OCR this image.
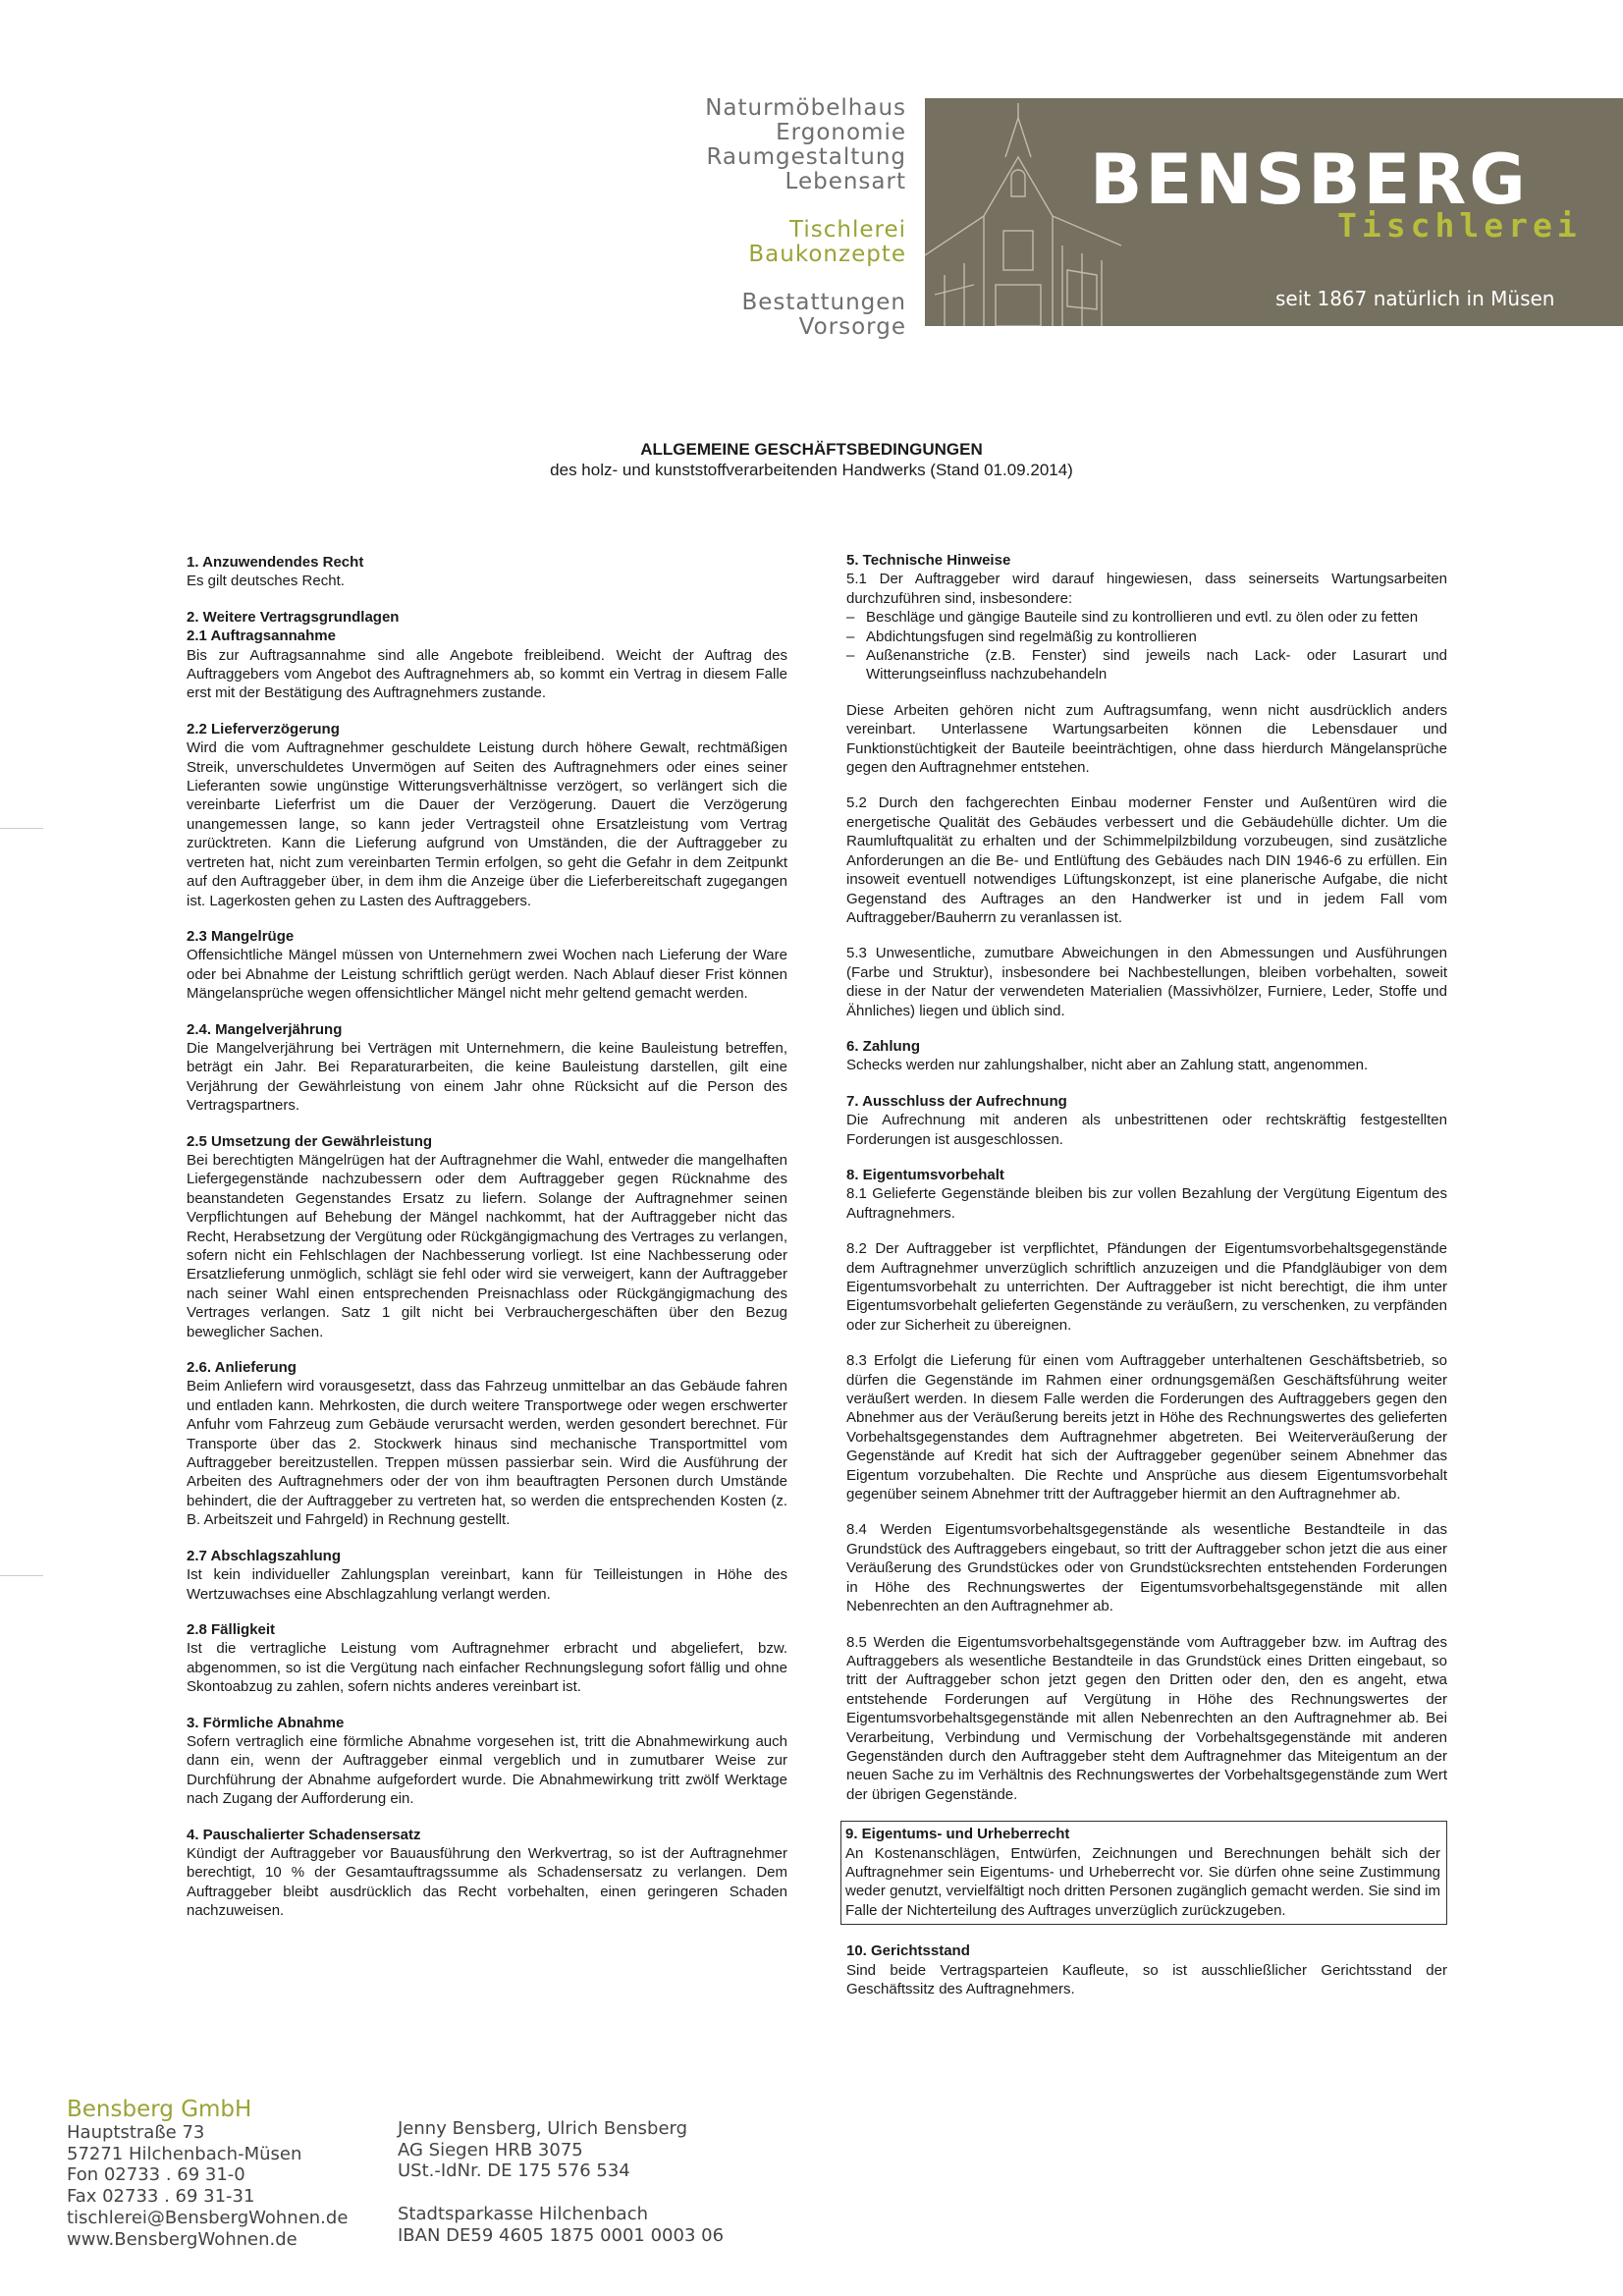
Naturmöbelhaus
Ergonomie
Raumgestaltung
Lebensart
Tischlerei
Baukonzepte
Bestattungen
Vorsorge
BENSBERG
Tischlerei
seit 1867 natürlich in Müsen
ALLGEMEINE GESCHÄFTSBEDINGUNGEN
des holz- und kunststoffverarbeitenden Handwerks (Stand 01.09.2014)
1. Anzuwendendes Recht

Es gilt deutsches Recht.

2. Weitere Vertragsgrundlagen
2.1 Auftragsannahme

Bis zur Auftragsannahme sind alle Angebote freibleibend. Weicht der Auftrag des Auftraggebers vom Angebot des Auftragnehmers ab, so kommt ein Vertrag in diesem Falle erst mit der Bestätigung des Auftragnehmers zustande.

2.2 Lieferverzögerung

Wird die vom Auftragnehmer geschuldete Leistung durch höhere Gewalt, rechtmäßigen Streik, unverschuldetes Unvermögen auf Seiten des Auftragnehmers oder eines seiner Lieferanten sowie ungünstige Witterungsverhältnisse verzögert, so verlängert sich die vereinbarte Lieferfrist um die Dauer der Verzögerung. Dauert die Verzögerung unangemessen lange, so kann jeder Vertragsteil ohne Ersatzleistung vom Vertrag zurücktreten. Kann die Lieferung aufgrund von Umständen, die der Auftraggeber zu vertreten hat, nicht zum vereinbarten Termin erfolgen, so geht die Gefahr in dem Zeitpunkt auf den Auftraggeber über, in dem ihm die Anzeige über die Lieferbereitschaft zugegangen ist. Lagerkosten gehen zu Lasten des Auftraggebers.

2.3 Mangelrüge

Offensichtliche Mängel müssen von Unternehmern zwei Wochen nach Lieferung der Ware oder bei Abnahme der Leistung schriftlich gerügt werden. Nach Ablauf dieser Frist können Mängelansprüche wegen offensichtlicher Mängel nicht mehr geltend gemacht werden.

2.4. Mangelverjährung

Die Mangelverjährung bei Verträgen mit Unternehmern, die keine Bauleistung betreffen, beträgt ein Jahr. Bei Reparaturarbeiten, die keine Bauleistung darstellen, gilt eine Verjährung der Gewährleistung von einem Jahr ohne Rücksicht auf die Person des Vertragspartners.

2.5 Umsetzung der Gewährleistung

Bei berechtigten Mängelrügen hat der Auftragnehmer die Wahl, entweder die mangelhaften Liefergegenstände nachzubessern oder dem Auftraggeber gegen Rücknahme des beanstandeten Gegenstandes Ersatz zu liefern. Solange der Auftragnehmer seinen Verpflichtungen auf Behebung der Mängel nachkommt, hat der Auftraggeber nicht das Recht, Herabsetzung der Vergütung oder Rückgängigmachung des Vertrages zu verlangen, sofern nicht ein Fehlschlagen der Nachbesserung vorliegt. Ist eine Nachbesserung oder Ersatzlieferung unmöglich, schlägt sie fehl oder wird sie verweigert, kann der Auftraggeber nach seiner Wahl einen entsprechenden Preisnachlass oder Rückgängigmachung des Vertrages verlangen. Satz 1 gilt nicht bei Verbrauchergeschäften über den Bezug beweglicher Sachen.

2.6. Anlieferung

Beim Anliefern wird vorausgesetzt, dass das Fahrzeug unmittelbar an das Gebäude fahren und entladen kann. Mehrkosten, die durch weitere Transportwege oder wegen erschwerter Anfuhr vom Fahrzeug zum Gebäude verursacht werden, werden gesondert berechnet. Für Transporte über das 2. Stockwerk hinaus sind mechanische Transportmittel vom Auftraggeber bereitzustellen. Treppen müssen passierbar sein. Wird die Ausführung der Arbeiten des Auftragnehmers oder der von ihm beauftragten Personen durch Umstände behindert, die der Auftraggeber zu vertreten hat, so werden die entsprechenden Kosten (z. B. Arbeitszeit und Fahrgeld) in Rechnung gestellt.

2.7 Abschlagszahlung

Ist kein individueller Zahlungsplan vereinbart, kann für Teilleistungen in Höhe des Wertzuwachses eine Abschlagzahlung verlangt werden.

2.8 Fälligkeit

Ist die vertragliche Leistung vom Auftragnehmer erbracht und abgeliefert, bzw. abgenommen, so ist die Vergütung nach einfacher Rechnungslegung sofort fällig und ohne Skontoabzug zu zahlen, sofern nichts anderes vereinbart ist.

3. Förmliche Abnahme

Sofern vertraglich eine förmliche Abnahme vorgesehen ist, tritt die Abnahmewirkung auch dann ein, wenn der Auftraggeber einmal vergeblich und in zumutbarer Weise zur Durchführung der Abnahme aufgefordert wurde. Die Abnahmewirkung tritt zwölf Werktage nach Zugang der Aufforderung ein.

4. Pauschalierter Schadensersatz

Kündigt der Auftraggeber vor Bauausführung den Werkvertrag, so ist der Auftragnehmer berechtigt, 10 % der Gesamtauftragssumme als Schadensersatz zu verlangen. Dem Auftraggeber bleibt ausdrücklich das Recht vorbehalten, einen geringeren Schaden nachzuweisen.

5. Technische Hinweise

5.1 Der Auftraggeber wird darauf hingewiesen, dass seinerseits Wartungsarbeiten durchzuführen sind, insbesondere:

– Beschläge und gängige Bauteile sind zu kontrollieren und evtl. zu ölen oder zu fetten
– Abdichtungsfugen sind regelmäßig zu kontrollieren
– Außenanstriche (z.B. Fenster) sind jeweils nach Lack- oder Lasurart und Witterungseinfluss nachzubehandeln

Diese Arbeiten gehören nicht zum Auftragsumfang, wenn nicht ausdrücklich anders vereinbart. Unterlassene Wartungsarbeiten können die Lebensdauer und Funktionstüchtigkeit der Bauteile beeinträchtigen, ohne dass hierdurch Mängelansprüche gegen den Auftragnehmer entstehen.

5.2 Durch den fachgerechten Einbau moderner Fenster und Außentüren wird die energetische Qualität des Gebäudes verbessert und die Gebäudehülle dichter. Um die Raumluftqualität zu erhalten und der Schimmelpilzbildung vorzubeugen, sind zusätzliche Anforderungen an die Be- und Entlüftung des Gebäudes nach DIN 1946-6 zu erfüllen. Ein insoweit eventuell notwendiges Lüftungskonzept, ist eine planerische Aufgabe, die nicht Gegenstand des Auftrages an den Handwerker ist und in jedem Fall vom Auftraggeber/Bauherrn zu veranlassen ist.

5.3 Unwesentliche, zumutbare Abweichungen in den Abmessungen und Ausführungen (Farbe und Struktur), insbesondere bei Nachbestellungen, bleiben vorbehalten, soweit diese in der Natur der verwendeten Materialien (Massivhölzer, Furniere, Leder, Stoffe und Ähnliches) liegen und üblich sind.

6. Zahlung

Schecks werden nur zahlungshalber, nicht aber an Zahlung statt, angenommen.

7. Ausschluss der Aufrechnung

Die Aufrechnung mit anderen als unbestrittenen oder rechtskräftig festgestellten Forderungen ist ausgeschlossen.

8. Eigentumsvorbehalt

8.1 Gelieferte Gegenstände bleiben bis zur vollen Bezahlung der Vergütung Eigentum des Auftragnehmers.

8.2 Der Auftraggeber ist verpflichtet, Pfändungen der Eigentumsvorbehaltsgegenstände dem Auftragnehmer unverzüglich schriftlich anzuzeigen und die Pfandgläubiger von dem Eigentumsvorbehalt zu unterrichten. Der Auftraggeber ist nicht berechtigt, die ihm unter Eigentumsvorbehalt gelieferten Gegenstände zu veräußern, zu verschenken, zu verpfänden oder zur Sicherheit zu übereignen.

8.3 Erfolgt die Lieferung für einen vom Auftraggeber unterhaltenen Geschäftsbetrieb, so dürfen die Gegenstände im Rahmen einer ordnungsgemäßen Geschäftsführung weiter veräußert werden. In diesem Falle werden die Forderungen des Auftraggebers gegen den Abnehmer aus der Veräußerung bereits jetzt in Höhe des Rechnungswertes des gelieferten Vorbehaltsgegenstandes dem Auftragnehmer abgetreten. Bei Weiterveräußerung der Gegenstände auf Kredit hat sich der Auftraggeber gegenüber seinem Abnehmer das Eigentum vorzubehalten. Die Rechte und Ansprüche aus diesem Eigentumsvorbehalt gegenüber seinem Abnehmer tritt der Auftraggeber hiermit an den Auftragnehmer ab.

8.4 Werden Eigentumsvorbehaltsgegenstände als wesentliche Bestandteile in das Grundstück des Auftraggebers eingebaut, so tritt der Auftraggeber schon jetzt die aus einer Veräußerung des Grundstückes oder von Grundstücksrechten entstehenden Forderungen in Höhe des Rechnungswertes der Eigentumsvorbehaltsgegenstände mit allen Nebenrechten an den Auftragnehmer ab.

8.5 Werden die Eigentumsvorbehaltsgegenstände vom Auftraggeber bzw. im Auftrag des Auftraggebers als wesentliche Bestandteile in das Grundstück eines Dritten eingebaut, so tritt der Auftraggeber schon jetzt gegen den Dritten oder den, den es angeht, etwa entstehende Forderungen auf Vergütung in Höhe des Rechnungswertes der Eigentumsvorbehaltsgegenstände mit allen Nebenrechten an den Auftragnehmer ab. Bei Verarbeitung, Verbindung und Vermischung der Vorbehaltsgegenstände mit anderen Gegenständen durch den Auftraggeber steht dem Auftragnehmer das Miteigentum an der neuen Sache zu im Verhältnis des Rechnungswertes der Vorbehaltsgegenstände zum Wert der übrigen Gegenstände.

9. Eigentums- und Urheberrecht

An Kostenanschlägen, Entwürfen, Zeichnungen und Berechnungen behält sich der Auftragnehmer sein Eigentums- und Urheberrecht vor. Sie dürfen ohne seine Zustimmung weder genutzt, vervielfältigt noch dritten Personen zugänglich gemacht werden. Sie sind im Falle der Nichterteilung des Auftrages unverzüglich zurückzugeben.

10. Gerichtsstand

Sind beide Vertragsparteien Kaufleute, so ist ausschließlicher Gerichtsstand der Geschäftssitz des Auftragnehmers.

Bensberg GmbH
Hauptstraße 73
57271 Hilchenbach-Müsen
Fon 02733 . 69 31-0
Fax 02733 . 69 31-31
tischlerei@BensbergWohnen.de
www.BensbergWohnen.de
Jenny Bensberg, Ulrich Bensberg
AG Siegen HRB 3075
USt.-IdNr. DE 175 576 534
Stadtsparkasse Hilchenbach
IBAN DE59 4605 1875 0001 0003 06
